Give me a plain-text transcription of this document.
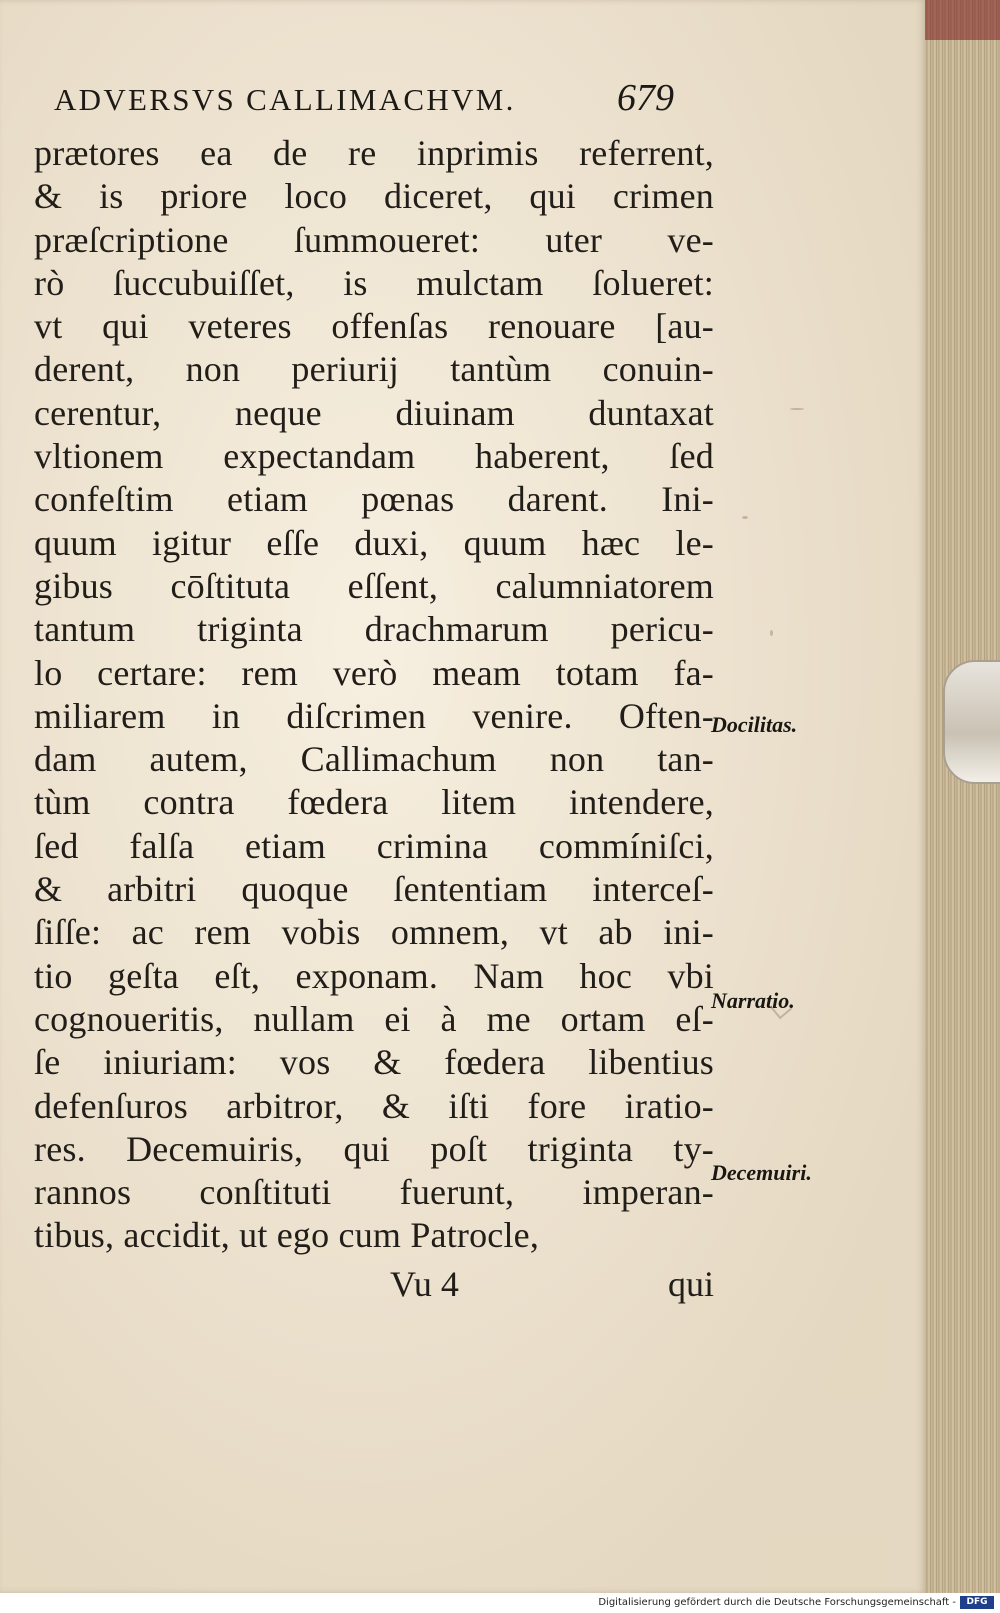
ADVERSVS CALLIMACHVM.	679
prætores ea de re inprimis referrent,
& is priore loco diceret, qui crimen
præſcriptione ſummoueret: uter ve-
rò ſuccubuiſſet, is mulctam ſolueret:
vt qui veteres offenſas renouare [au-
derent, non periurij tantùm conuin-
cerentur, neque diuinam duntaxat
vltionem expectandam haberent, ſed
confeſtim etiam pœnas darent. Ini-
quum igitur eſſe duxi, quum hæc le-
gibus cōſtituta eſſent, calumniatorem
tantum triginta drachmarum pericu-
lo certare: rem verò meam totam fa-
miliarem in diſcrimen venire. Often-
dam autem, Callimachum non tan-
tùm contra fœdera litem intendere,
ſed falſa etiam crimina commíniſci,
& arbitri quoque ſententiam interceſ-
ſiſſe: ac rem vobis omnem, vt ab ini-
tio geſta eſt, exponam. Nam hoc vbi
cognoueritis, nullam ei à me ortam eſ-
ſe iniuriam: vos & fœdera libentius
defenſuros arbitror, & iſti fore iratio-
res. Decemuiris, qui poſt triginta ty-
rannos conſtituti fuerunt, imperan-
tibus, accidit, ut ego cum Patrocle,
Docilitas.
Narratio.
Decemuiri.
Vu 4	qui
Digitalisierung gefördert durch die Deutsche Forschungsgemeinschaft -	DFG
